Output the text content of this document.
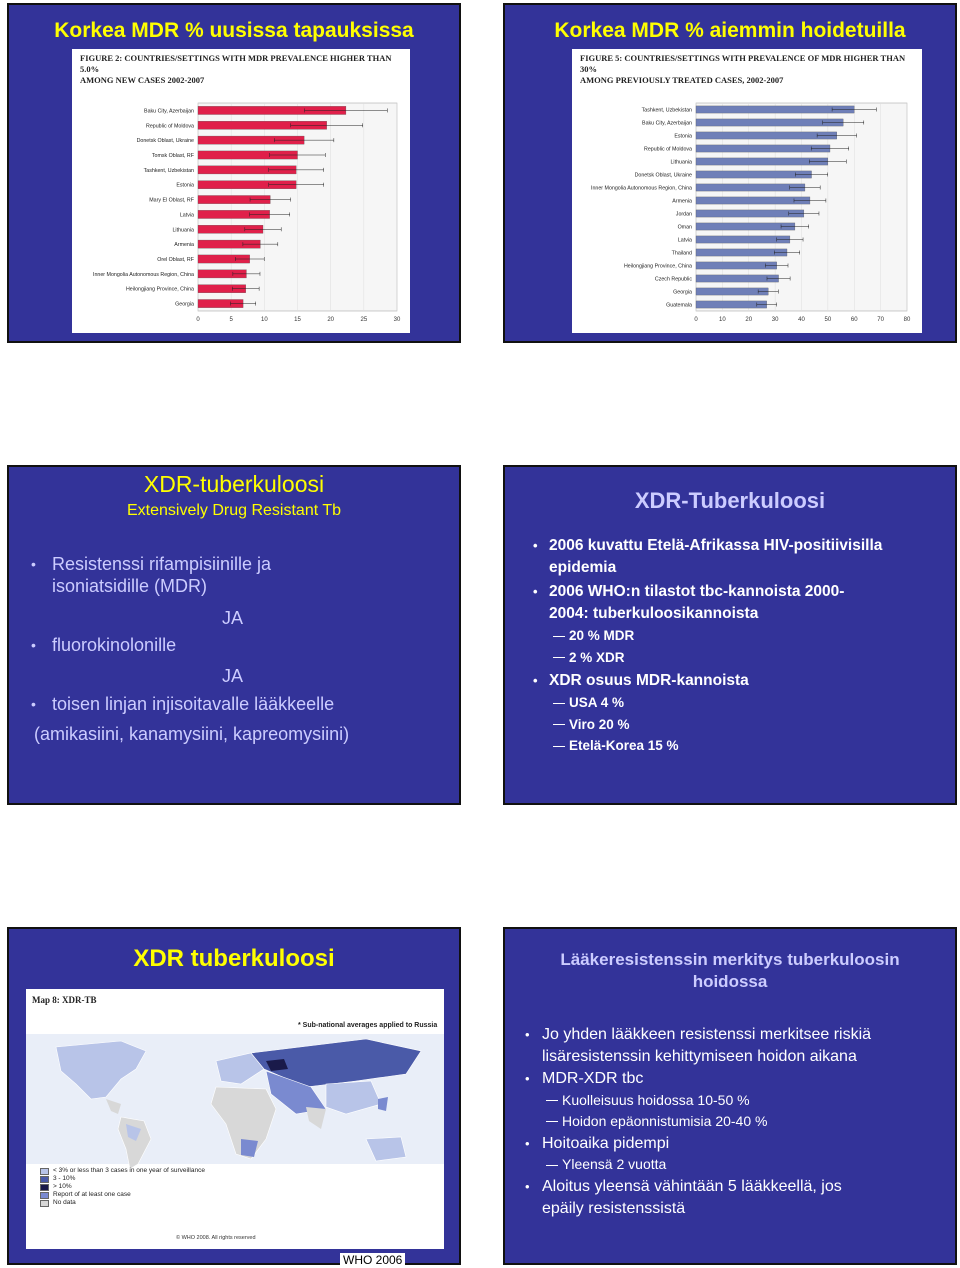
Korkea MDR % uusissa tapauksissa
FIGURE 2: COUNTRIES/SETTINGS WITH MDR PREVALENCE HIGHER THAN 5.0%
AMONG NEW CASES 2002-2007
0	5	10	15	20	25	30
Baku City, Azerbaijan
Republic of Moldova
Donetsk Oblast, Ukraine
Tomsk Oblast, RF
Tashkent, Uzbekistan
Estonia
Mary El Oblast, RF
Latvia
Lithuania
Armenia
Orel Oblast, RF
Inner Mongolia Autonomous Region, China
Heilongjiang Province, China
Georgia
Korkea MDR % aiemmin hoidetuilla
FIGURE 5: COUNTRIES/SETTINGS WITH PREVALENCE OF MDR HIGHER THAN 30%
AMONG PREVIOUSLY TREATED CASES, 2002-2007
0	10	20	30	40	50	60	70	80
Tashkent, Uzbekistan
Baku City, Azerbaijan
Estonia
Republic of Moldova
Lithuania
Donetsk Oblast, Ukraine
Inner Mongolia Autonomous Region, China
Armenia
Jordan
Oman
Latvia
Thailand
Heilongjiang Province, China
Czech Republic
Georgia
Guatemala
XDR-tuberkuloosi
Extensively Drug Resistant Tb
• Resistenssi rifampisiinille ja
isoniatsidille (MDR)
JA
• fluorokinolonille
JA
• toisen linjan injisoitavalle lääkkeelle
(amikasiini, kanamysiini, kapreomysiini)
XDR-Tuberkuloosi
• 2006 kuvattu Etelä-Afrikassa HIV-positiivisilla
epidemia
• 2006 WHO:n tilastot tbc-kannoista 2000-
2004: tuberkuloosikannoista
20 % MDR
2 % XDR
• XDR osuus MDR-kannoista
USA 4 %
Viro 20 %
Etelä-Korea 15 %
XDR tuberkuloosi
Map 8: XDR-TB
* Sub-national averages applied to Russia
< 3% or less than 3 cases in one year of surveillance
3 - 10%
> 10%
Report of at least one case
No data
© WHO 2008. All rights reserved
WHO 2006
Lääkeresistenssin merkitys tuberkuloosin
hoidossa
• Jo yhden lääkkeen resistenssi merkitsee riskiä
lisäresistenssin kehittymiseen hoidon aikana
• MDR-XDR tbc
Kuolleisuus hoidossa 10-50 %
Hoidon epäonnistumisia 20-40 %
• Hoitoaika pidempi
Yleensä 2 vuotta
• Aloitus yleensä vähintään 5 lääkkeellä, jos
epäily resistenssistä
